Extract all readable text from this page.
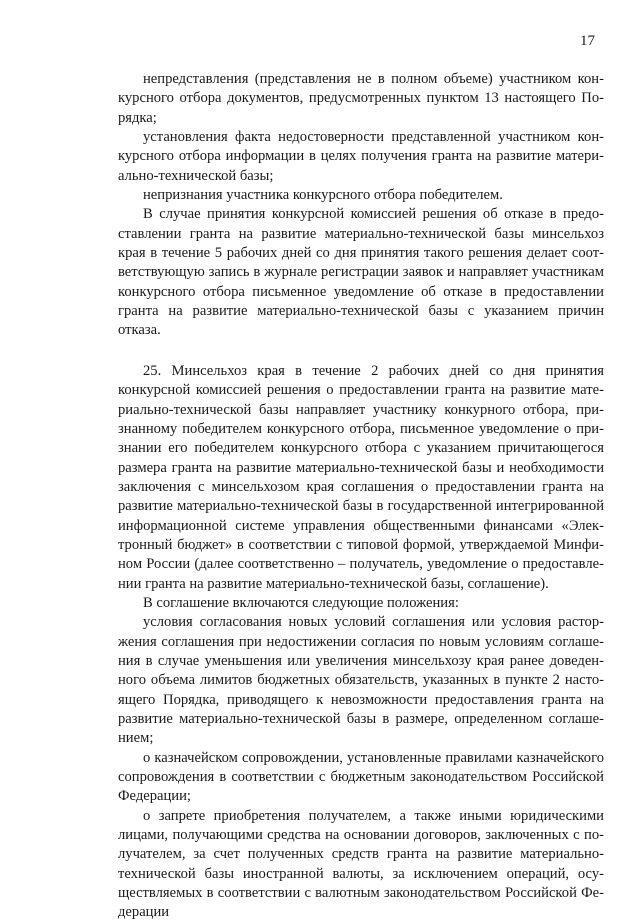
17

непредставления (представления не в полном объеме) участником конкурсного отбора документов, предусмотренных пунктом 13 настоящего Порядка;

установления факта недостоверности представленной участником конкурсного отбора информации в целях получения гранта на развитие материально-технической базы;

непризнания участника конкурсного отбора победителем.

В случае принятия конкурсной комиссией решения об отказе в предоставлении гранта на развитие материально-технической базы минсельхоз края в течение 5 рабочих дней со дня принятия такого решения делает соответствующую запись в журнале регистрации заявок и направляет участникам конкурсного отбора письменное уведомление об отказе в предоставлении гранта на развитие материально-технической базы с указанием причин отказа.

25. Минсельхоз края в течение 2 рабочих дней со дня принятия конкурсной комиссией решения о предоставлении гранта на развитие материально-технической базы направляет участнику конкурного отбора, признанному победителем конкурсного отбора, письменное уведомление о признании его победителем конкурсного отбора с указанием причитающегося размера гранта на развитие материально-технической базы и необходимости заключения с минсельхозом края соглашения о предоставлении гранта на развитие материально-технической базы в государственной интегрированной информационной системе управления общественными финансами «Электронный бюджет» в соответствии с типовой формой, утверждаемой Минфином России (далее соответственно – получатель, уведомление о предоставлении гранта на развитие материально-технической базы, соглашение).

В соглашение включаются следующие положения:

условия согласования новых условий соглашения или условия расторжения соглашения при недостижении согласия по новым условиям соглашения в случае уменьшения или увеличения минсельхозу края ранее доведенного объема лимитов бюджетных обязательств, указанных в пункте 2 настоящего Порядка, приводящего к невозможности предоставления гранта на развитие материально-технической базы в размере, определенном соглашением;

о казначейском сопровождении, установленные правилами казначейского сопровождения в соответствии с бюджетным законодательством Российской Федерации;

о запрете приобретения получателем, а также иными юридическими лицами, получающими средства на основании договоров, заключенных с получателем, за счет полученных средств гранта на развитие материально-технической базы иностранной валюты, за исключением операций, осуществляемых в соответствии с валютным законодательством Российской Федерации
